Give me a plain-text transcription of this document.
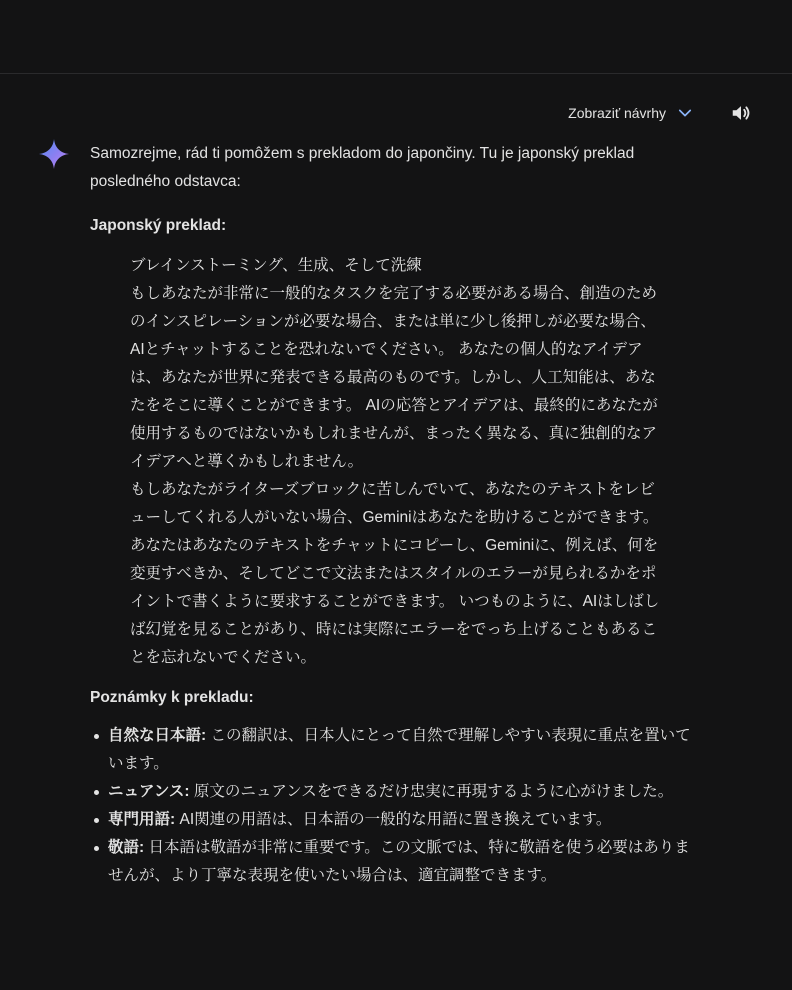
Zobraziť návrhy

Samozrejme, rád ti pomôžem s prekladom do japončiny. Tu je japonský preklad posledného odstavca:

Japonský preklad:

ブレインストーミング、生成、そして洗練

もしあなたが非常に一般的なタスクを完了する必要がある場合、創造のためのインスピレーションが必要な場合、または単に少し後押しが必要な場合、AIとチャットすることを恐れないでください。 あなたの個人的なアイデアは、あなたが世界に発表できる最高のものです。しかし、人工知能は、あなたをそこに導くことができます。 AIの応答とアイデアは、最終的にあなたが使用するものではないかもしれませんが、まったく異なる、真に独創的なアイデアへと導くかもしれません。

もしあなたがライターズブロックに苦しんでいて、あなたのテキストをレビューしてくれる人がいない場合、Geminiはあなたを助けることができます。 あなたはあなたのテキストをチャットにコピーし、Geminiに、例えば、何を変更すべきか、そしてどこで文法またはスタイルのエラーが見られるかをポイントで書くように要求することができます。 いつものように、AIはしばしば幻覚を見ることがあり、時には実際にエラーをでっち上げることもあることを忘れないでください。

Poznámky k prekladu:

自然な日本語: この翻訳は、日本人にとって自然で理解しやすい表現に重点を置いています。
ニュアンス: 原文のニュアンスをできるだけ忠実に再現するように心がけました。
専門用語: AI関連の用語は、日本語の一般的な用語に置き換えています。
敬語: 日本語は敬語が非常に重要です。この文脈では、特に敬語を使う必要はありませんが、より丁寧な表現を使いたい場合は、適宜調整できます。
